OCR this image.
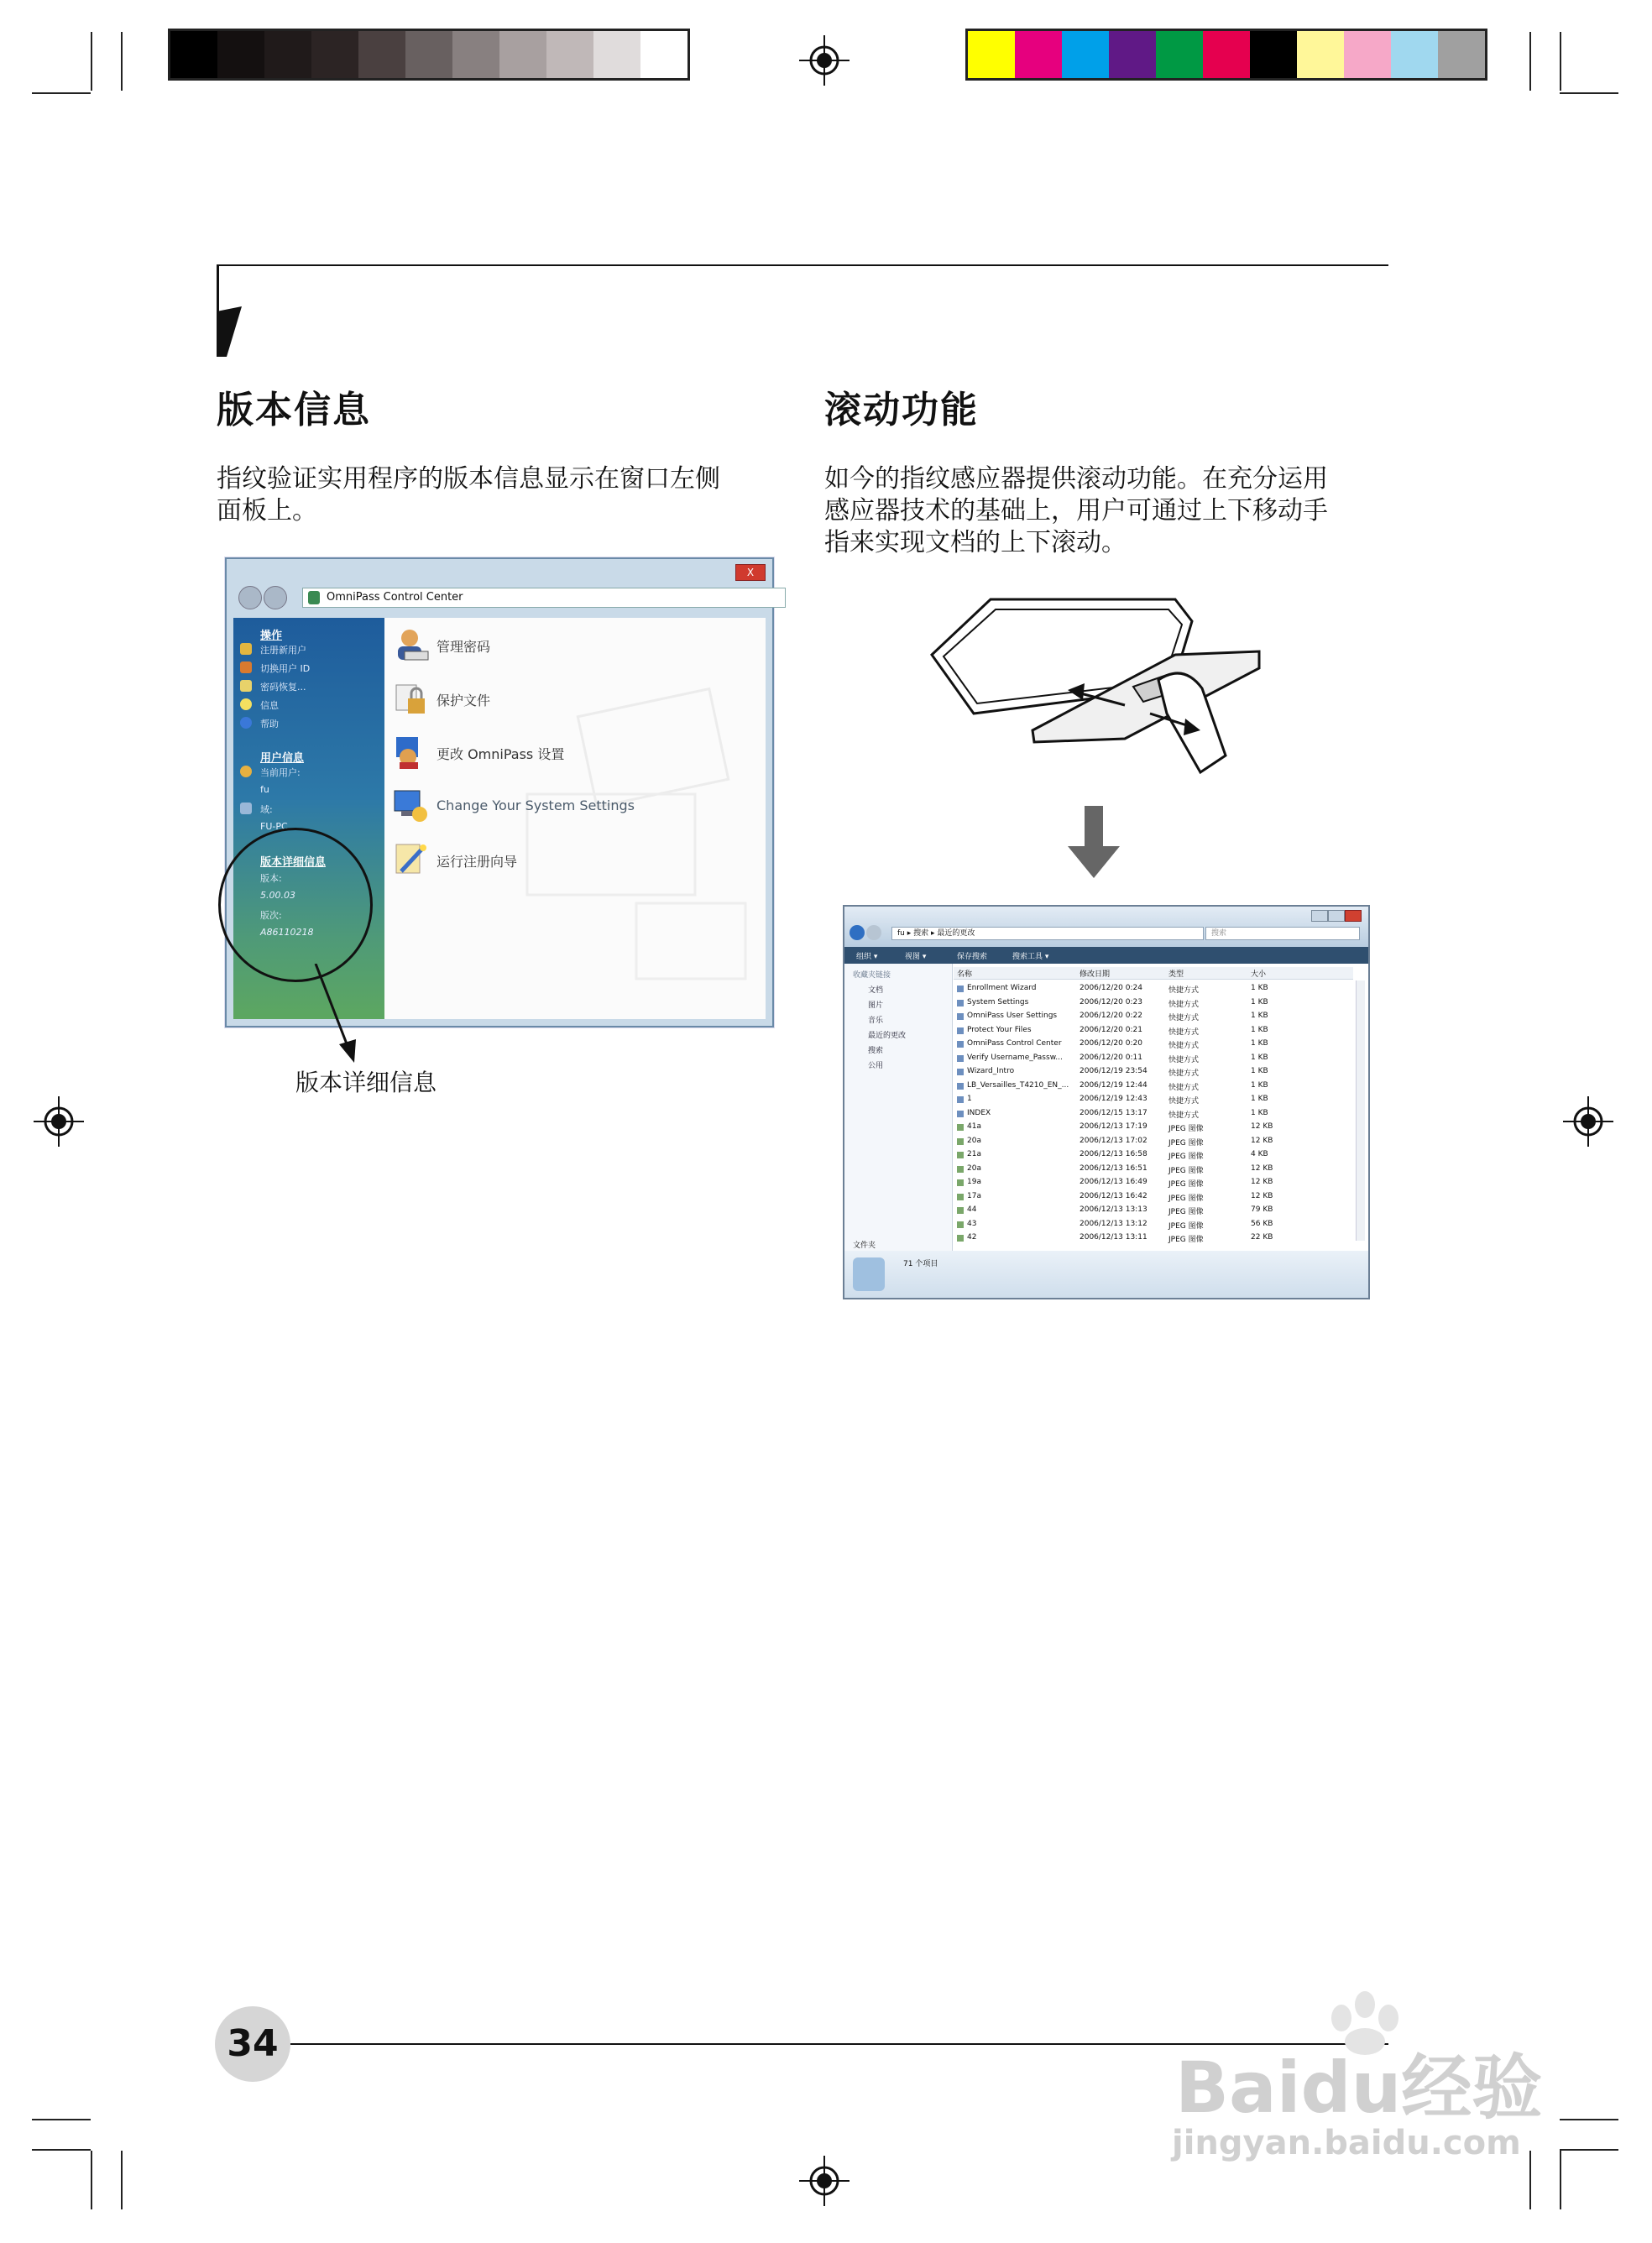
版本信息
指纹验证实用程序的版本信息显示在窗口左侧
面板上。
X
OmniPass Control Center
操作
注册新用户
切换用户 ID
密码恢复...
信息
帮助
用户信息
当前用户:
fu
域:
FU-PC
版本详细信息
版本:
5.00.03
版次:
A86110218
管理密码
保护文件
更改 OmniPass 设置
Change Your System Settings
运行注册向导
版本详细信息
滚动功能
如今的指纹感应器提供滚动功能。在充分运用
感应器技术的基础上，用户可通过上下移动手
指来实现文档的上下滚动。
fu ▸ 搜索 ▸ 最近的更改	搜索
组织 ▾	视图 ▾	保存搜索	搜索工具 ▾
收藏夹链接
文档
图片
音乐
最近的更改
搜索
公用
文件夹
名称	修改日期	类型	大小
71 个项目
Enrollment Wizard	2006/12/20 0:24	快捷方式	1 KB
System Settings	2006/12/20 0:23	快捷方式	1 KB
OmniPass User Settings	2006/12/20 0:22	快捷方式	1 KB
Protect Your Files	2006/12/20 0:21	快捷方式	1 KB
OmniPass Control Center 2006/12/20 0:20	快捷方式	1 KB
Verify Username_Passw... 2006/12/20 0:11	快捷方式	1 KB
Wizard_Intro	2006/12/19 23:54	快捷方式	1 KB
LB_Versailles_T4210_EN_... 2006/12/19 12:44	快捷方式	1 KB
1	2006/12/19 12:43	快捷方式	1 KB
INDEX	2006/12/15 13:17	快捷方式	1 KB
41a	2006/12/13 17:19	JPEG 图像	12 KB
20a	2006/12/13 17:02	JPEG 图像	12 KB
21a	2006/12/13 16:58	JPEG 图像	4 KB
20a	2006/12/13 16:51	JPEG 图像	12 KB
19a	2006/12/13 16:49	JPEG 图像	12 KB
17a	2006/12/13 16:42	JPEG 图像	12 KB
44	2006/12/13 13:13	JPEG 图像	79 KB
43	2006/12/13 13:12	JPEG 图像	56 KB
42	2006/12/13 13:11	JPEG 图像	22 KB
34
Baidu经验
jingyan.baidu.com
